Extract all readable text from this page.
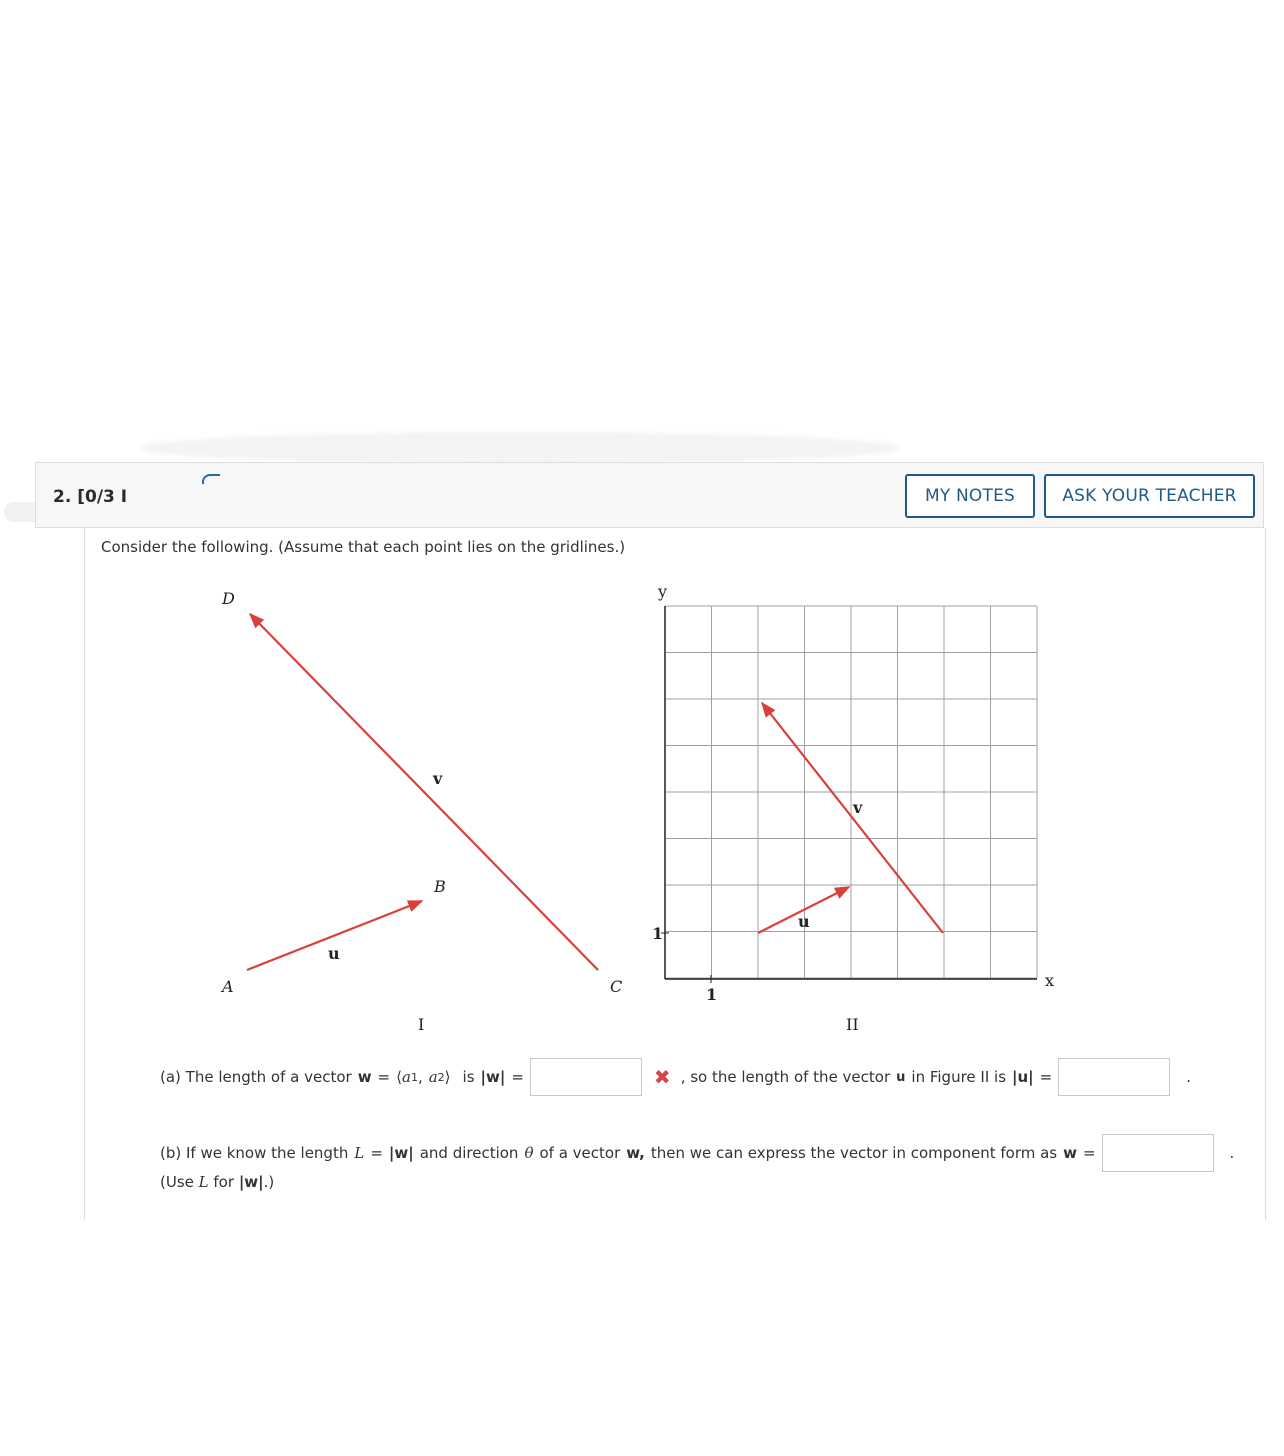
2. [0/3 I	MY NOTES	ASK YOUR TEACHER
Consider the following. (Assume that each point lies on the gridlines.)
D
A
B
C
v
u
I
y
x
1
1
v
u
II
(a) The length of a vector w = ⟨ a 1 , a 2 ⟩ is |w| =	✖ , so the length of the vector u in Figure II is |u| =	.
(b) If we know the length L = |w| and direction θ of a vector w, then we can express the vector in component form as w =	.
(Use L for |w|.)
